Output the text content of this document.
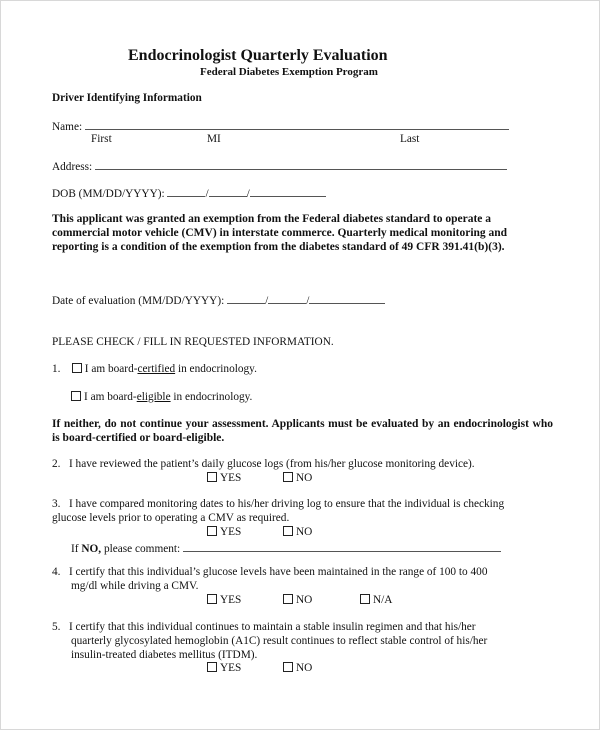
Endocrinologist Quarterly Evaluation
Federal Diabetes Exemption Program
Driver Identifying Information
Name:
First	MI	Last
Address:
DOB (MM/DD/YYYY):	/	/
This applicant was granted an exemption from the Federal diabetes standard to operate a commercial motor vehicle (CMV) in interstate commerce. Quarterly medical monitoring and reporting is a condition of the exemption from the diabetes standard of 49 CFR 391.41(b)(3).
Date of evaluation (MM/DD/YYYY):	/	/
PLEASE CHECK / FILL IN REQUESTED INFORMATION.
1. I am board-certified in endocrinology.
I am board-eligible in endocrinology.
If neither, do not continue your assessment. Applicants must be evaluated by an endocrinologist who is board-certified or board-eligible.
2. I have reviewed the patient’s daily glucose logs (from his/her glucose monitoring device).
YES	NO
3. I have compared monitoring dates to his/her driving log to ensure that the individual is checking glucose levels prior to operating a CMV as required.
YES	NO
If NO, please comment:
4. I certify that this individual’s glucose levels have been maintained in the range of 100 to 400
mg/dl while driving a CMV.
YES	NO	N/A
5. I certify that this individual continues to maintain a stable insulin regimen and that his/her
quarterly glycosylated hemoglobin (A1C) result continues to reflect stable control of his/her
insulin-treated diabetes mellitus (ITDM).
YES	NO
